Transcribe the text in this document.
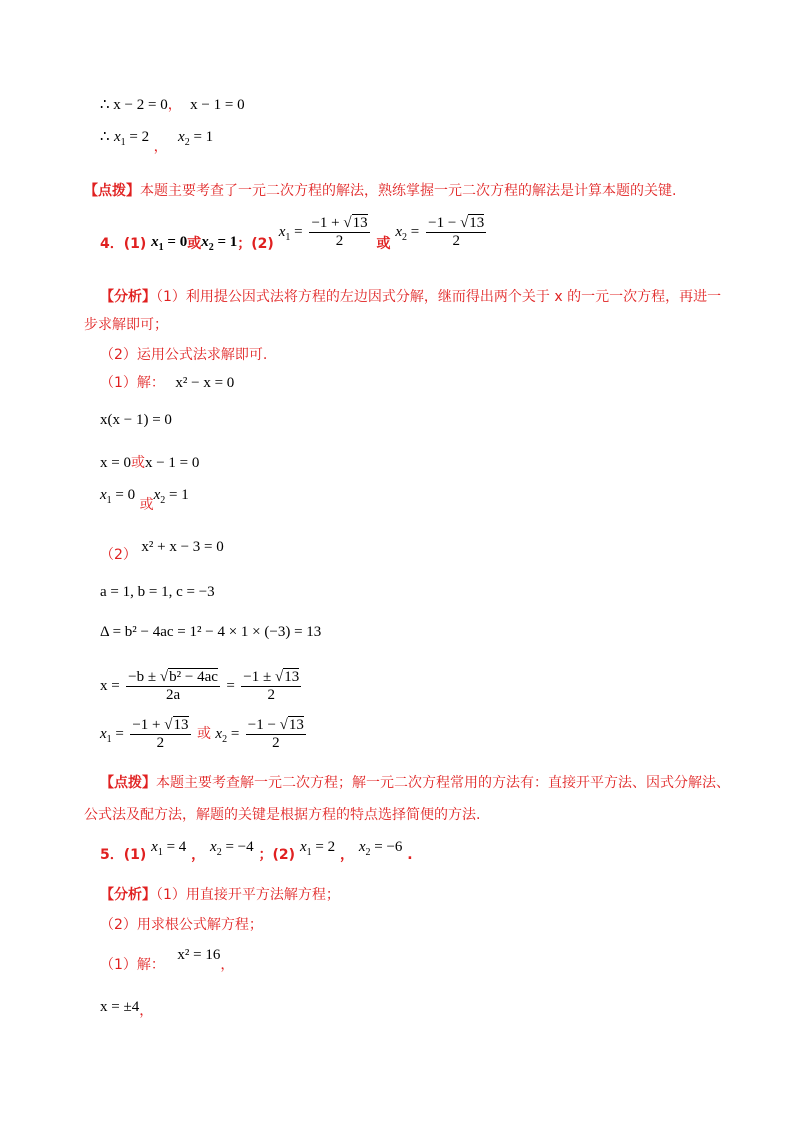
∴ x − 2 = 0， x − 1 = 0
∴ $x_1 = 2$ ， $x_2 = 1$
【点拨】本题主要考查了一元二次方程的解法，熟练掌握一元二次方程的解法是计算本题的关键.
4．(1) $x_1 = 0$或$x_2 = 1$；(2) $x_1 = \frac{-1 + √13}{2}$ 或 $x_2 = \frac{-1 - √13}{2}$
【分析】（1）利用提公因式法将方程的左边因式分解，继而得出两个关于 x 的一元一次方程，再进一
步求解即可；
（2）运用公式法求解即可.
（1）解： x² − x = 0
x(x − 1) = 0
x = 0或x − 1 = 0
$x_1 = 0$ 或$x_2 = 1$
（2） x² + x − 3 = 0
a = 1, b = 1, c = −3
Δ = b² − 4ac = 1² − 4 × 1 × (−3) = 13
$x = \frac{\text{−b ± √b² − 4ac}}{2a} = \frac{-1 \pm √13}{2}$
$x_1 = \frac{-1 + √13}{2}$ 或 $x_2 = \frac{-1 - √13}{2}$
【点拨】本题主要考查解一元二次方程；解一元二次方程常用的方法有：直接开平方法、因式分解法、
公式法及配方法，解题的关键是根据方程的特点选择简便的方法.
5．(1) $x_1 = 4$ ， $x_2 = -4$ ；(2) $x_1 = 2$ ， $x_2 = -6$ .
【分析】（1）用直接开平方法解方程；
（2）用求根公式解方程；
（1）解： x² = 16，
x = ±4，
